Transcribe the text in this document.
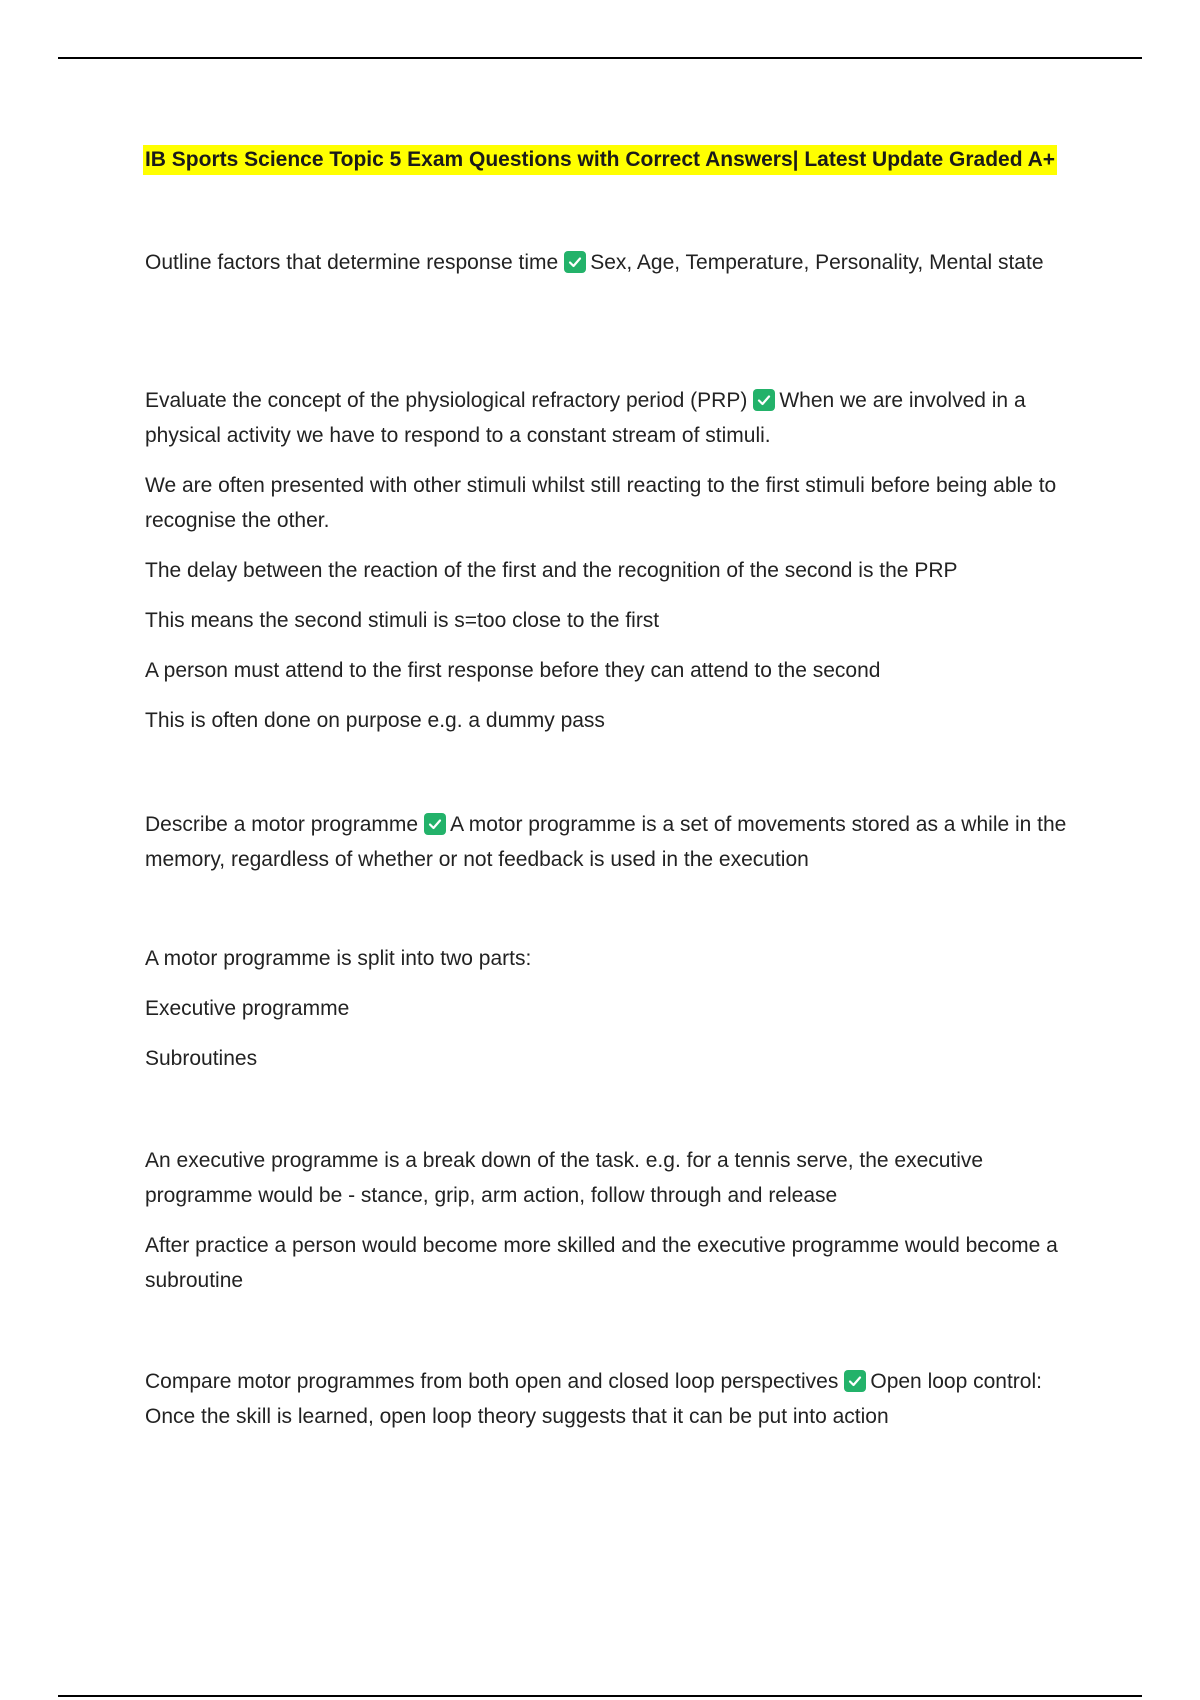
IB Sports Science Topic 5 Exam Questions with Correct Answers| Latest Update Graded A+

Outline factors that determine response time Sex, Age, Temperature, Personality, Mental state

Evaluate the concept of the physiological refractory period (PRP) When we are involved in a physical activity we have to respond to a constant stream of stimuli.

We are often presented with other stimuli whilst still reacting to the first stimuli before being able to recognise the other.

The delay between the reaction of the first and the recognition of the second is the PRP

This means the second stimuli is s=too close to the first

A person must attend to the first response before they can attend to the second

This is often done on purpose e.g. a dummy pass

Describe a motor programme A motor programme is a set of movements stored as a while in the memory, regardless of whether or not feedback is used in the execution

A motor programme is split into two parts:

Executive programme

Subroutines

An executive programme is a break down of the task. e.g. for a tennis serve, the executive programme would be - stance, grip, arm action, follow through and release

After practice a person would become more skilled and the executive programme would become a subroutine

Compare motor programmes from both open and closed loop perspectives Open loop control: Once the skill is learned, open loop theory suggests that it can be put into action
